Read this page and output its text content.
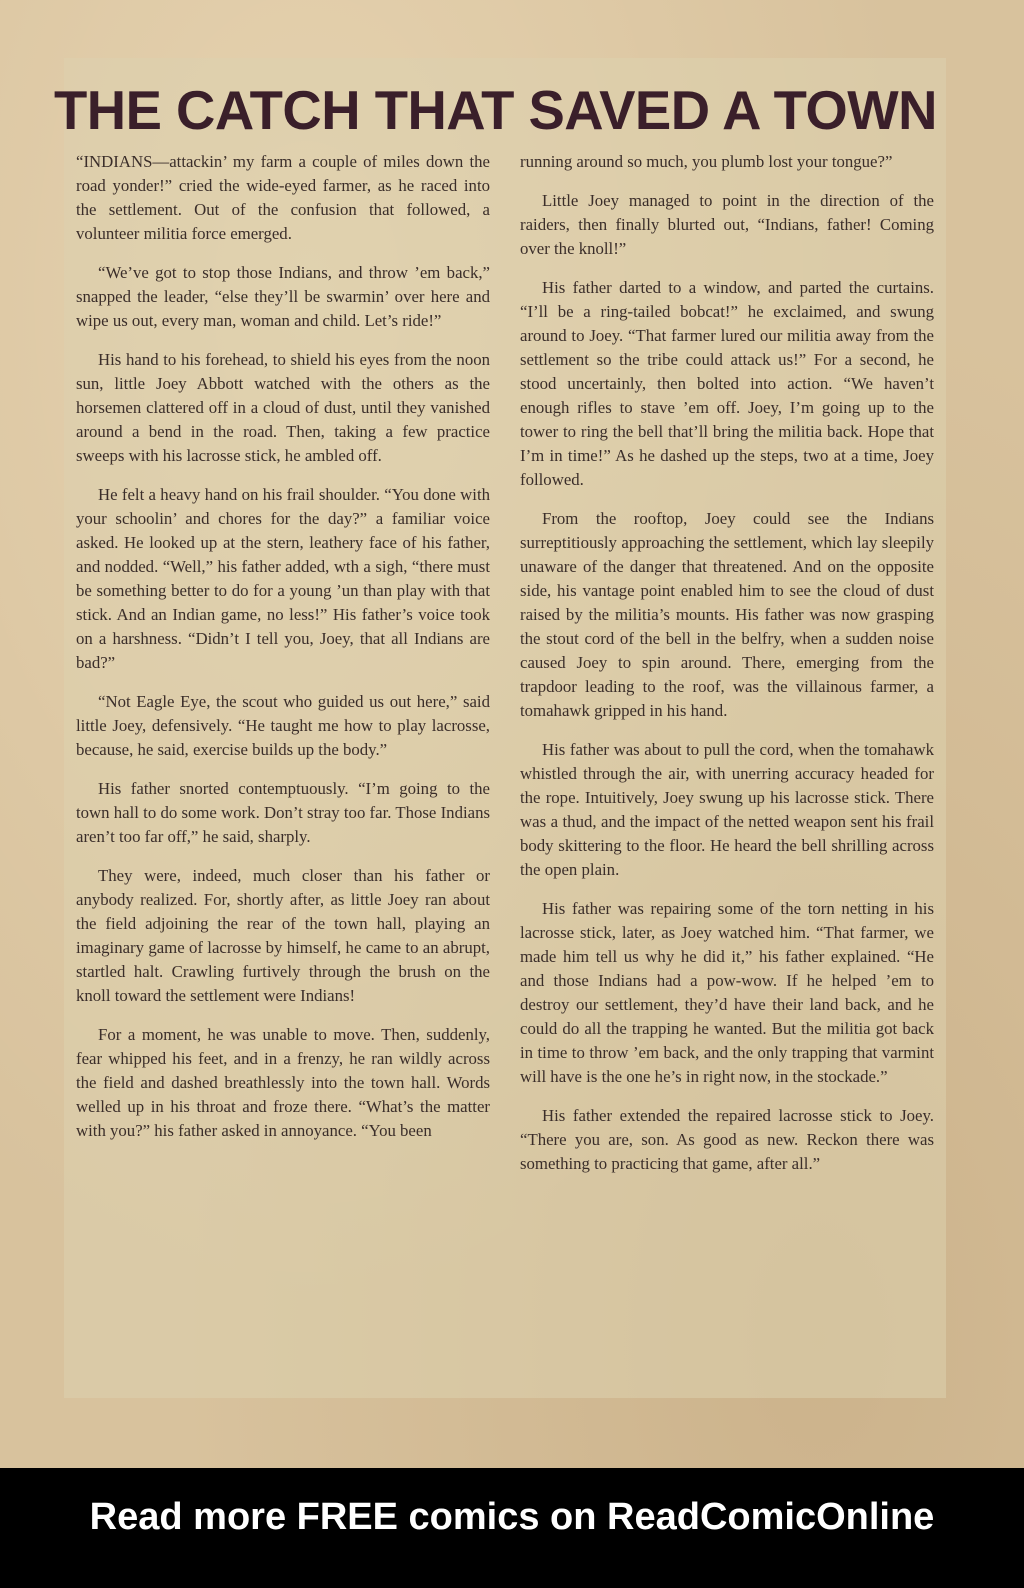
THE CATCH THAT SAVED A TOWN

“INDIANS—attackin’ my farm a couple of miles down the road yonder!” cried the wide-eyed farmer, as he raced into the settlement. Out of the confusion that followed, a volunteer militia force emerged.

“We’ve got to stop those Indians, and throw ’em back,” snapped the leader, “else they’ll be swarmin’ over here and wipe us out, every man, woman and child. Let’s ride!”

His hand to his forehead, to shield his eyes from the noon sun, little Joey Abbott watched with the others as the horsemen clattered off in a cloud of dust, until they vanished around a bend in the road. Then, taking a few practice sweeps with his lacrosse stick, he ambled off.

He felt a heavy hand on his frail shoulder. “You done with your schoolin’ and chores for the day?” a familiar voice asked. He looked up at the stern, leathery face of his father, and nodded. “Well,” his father added, wth a sigh, “there must be something better to do for a young ’un than play with that stick. And an Indian game, no less!” His father’s voice took on a harshness. “Didn’t I tell you, Joey, that all Indians are bad?”

“Not Eagle Eye, the scout who guided us out here,” said little Joey, defensively. “He taught me how to play lacrosse, because, he said, exercise builds up the body.”

His father snorted contemptuously. “I’m going to the town hall to do some work. Don’t stray too far. Those Indians aren’t too far off,” he said, sharply.

They were, indeed, much closer than his father or anybody realized. For, shortly after, as little Joey ran about the field adjoining the rear of the town hall, playing an imaginary game of lacrosse by himself, he came to an abrupt, startled halt. Crawling furtively through the brush on the knoll toward the settlement were Indians!

For a moment, he was unable to move. Then, suddenly, fear whipped his feet, and in a frenzy, he ran wildly across the field and dashed breathlessly into the town hall. Words welled up in his throat and froze there. “What’s the matter with you?” his father asked in annoyance. “You been

running around so much, you plumb lost your tongue?”

Little Joey managed to point in the direction of the raiders, then finally blurted out, “Indians, father! Coming over the knoll!”

His father darted to a window, and parted the curtains. “I’ll be a ring-tailed bobcat!” he exclaimed, and swung around to Joey. “That farmer lured our militia away from the settlement so the tribe could attack us!” For a second, he stood uncertainly, then bolted into action. “We haven’t enough rifles to stave ’em off. Joey, I’m going up to the tower to ring the bell that’ll bring the militia back. Hope that I’m in time!” As he dashed up the steps, two at a time, Joey followed.

From the rooftop, Joey could see the Indians surreptitiously approaching the settlement, which lay sleepily unaware of the danger that threatened. And on the opposite side, his vantage point enabled him to see the cloud of dust raised by the militia’s mounts. His father was now grasping the stout cord of the bell in the belfry, when a sudden noise caused Joey to spin around. There, emerging from the trapdoor leading to the roof, was the villainous farmer, a tomahawk gripped in his hand.

His father was about to pull the cord, when the tomahawk whistled through the air, with unerring accuracy headed for the rope. Intuitively, Joey swung up his lacrosse stick. There was a thud, and the impact of the netted weapon sent his frail body skittering to the floor. He heard the bell shrilling across the open plain.

His father was repairing some of the torn netting in his lacrosse stick, later, as Joey watched him. “That farmer, we made him tell us why he did it,” his father explained. “He and those Indians had a pow-wow. If he helped ’em to destroy our settlement, they’d have their land back, and he could do all the trapping he wanted. But the militia got back in time to throw ’em back, and the only trapping that varmint will have is the one he’s in right now, in the stockade.”

His father extended the repaired lacrosse stick to Joey. “There you are, son. As good as new. Reckon there was something to practicing that game, after all.”

Read more FREE comics on ReadComicOnline
